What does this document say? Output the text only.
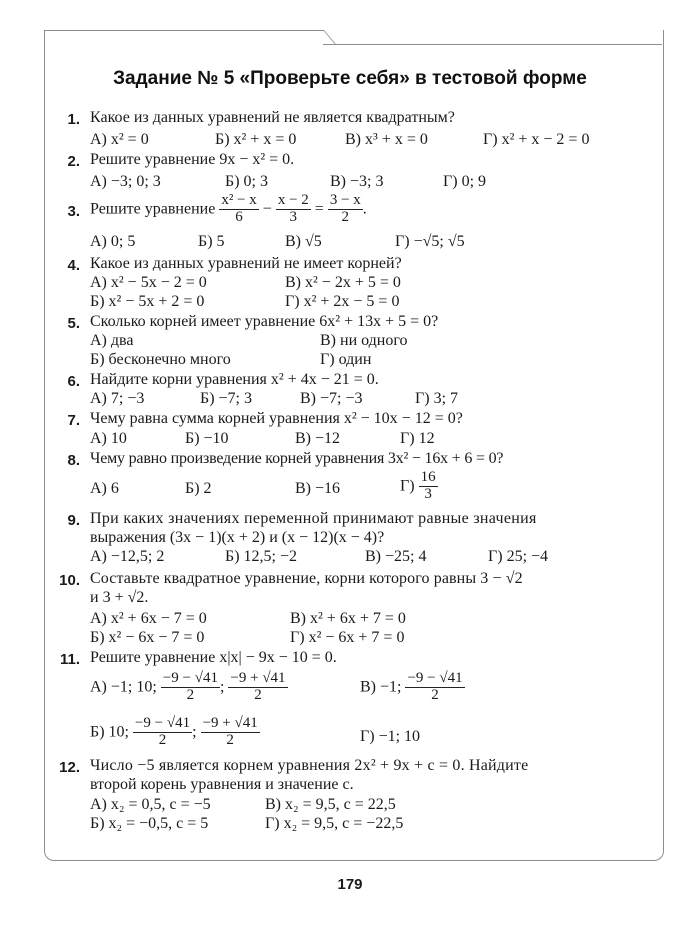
Задание № 5 «Проверьте себя» в тестовой форме
1. Какое из данных уравнений не является квадратным?
А) x² = 0	Б) x² + x = 0	В) x³ + x = 0	Г) x² + x − 2 = 0
2. Решите уравнение 9x − x² = 0.
А) −3; 0; 3	Б) 0; 3	В) −3; 3	Г) 0; 9
3. Решите уравнение $\frac{\text{x² − x}}{6} - \frac{x - 2}{3} = \frac{3 - x}{2}$ .
А) 0; 5	Б) 5	В) √5	Г) −√5; √5
4. Какое из данных уравнений не имеет корней?
А) x² − 5x − 2 = 0	В) x² − 2x + 5 = 0
Б) x² − 5x + 2 = 0	Г) x² + 2x − 5 = 0
5. Сколько корней имеет уравнение 6x² + 13x + 5 = 0?
А) два	В) ни одного
Б) бесконечно много	Г) один
6. Найдите корни уравнения x² + 4x − 21 = 0.
А) 7; −3	Б) −7; 3	В) −7; −3	Г) 3; 7
7. Чему равна сумма корней уравнения x² − 10x − 12 = 0?
А) 10	Б) −10	В) −12	Г) 12
8. Чему равно произведение корней уравнения 3x² − 16x + 6 = 0?
А) 6	Б) 2	В) −16	$Г) \frac{16}{3}$
9. При каких значениях переменной принимают равные значения
выражения (3x − 1)(x + 2) и (x − 12)(x − 4)?
А) −12,5; 2	Б) 12,5; −2	В) −25; 4	Г) 25; −4
10. Составьте квадратное уравнение, корни которого равны 3 − √2
и 3 + √2.
А) x² + 6x − 7 = 0	В) x² + 6x + 7 = 0
Б) x² − 6x − 7 = 0	Г) x² − 6x + 7 = 0
11. Решите уравнение x|x| − 9x − 10 = 0.
А) −1; 10; $\frac{-9 - √41}{2}$ ; $\frac{-9 + √41}{2}$	В) −1; $\frac{-9 - √41}{2}$
Б) 10; $\frac{-9 - √41}{2}$ ; $\frac{-9 + √41}{2}$	Г) −1; 10
12. Число −5 является корнем уравнения 2x² + 9x + c = 0. Найдите
второй корень уравнения и значение c.
А) x₂ = 0,5, c = −5	В) x₂ = 9,5, c = 22,5
Б) x₂ = −0,5, c = 5	Г) x₂ = 9,5, c = −22,5
179
